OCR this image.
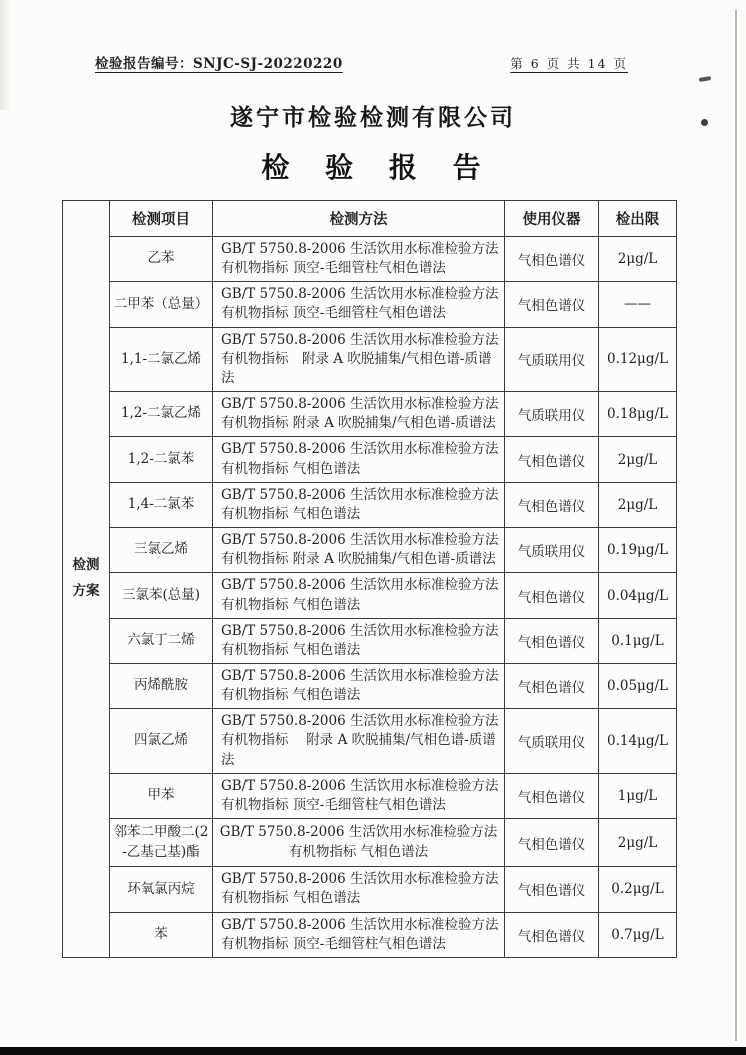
检验报告编号：SNJC-SJ-20220220	第 6 页 共 14 页
遂宁市检验检测有限公司
检 验 报 告
检测
方案	检测项目	检测方法	使用仪器	检出限
	乙苯	GB/T 5750.8-2006 生活饮用水标准检验方法 有机物指标 顶空-毛细管柱气相色谱法	气相色谱仪	2μg/L
	二甲苯（总量）	GB/T 5750.8-2006 生活饮用水标准检验方法 有机物指标 顶空-毛细管柱气相色谱法	气相色谱仪	——
	1,1-二氯乙烯	GB/T 5750.8-2006 生活饮用水标准检验方法 有机物指标　附录 A 吹脱捕集/气相色谱-质谱法	气质联用仪	0.12μg/L
	1,2-二氯乙烯	GB/T 5750.8-2006 生活饮用水标准检验方法 有机物指标 附录 A 吹脱捕集/气相色谱-质谱法	气质联用仪	0.18μg/L
	1,2-二氯苯	GB/T 5750.8-2006 生活饮用水标准检验方法 有机物指标 气相色谱法	气相色谱仪	2μg/L
	1,4-二氯苯	GB/T 5750.8-2006 生活饮用水标准检验方法 有机物指标 气相色谱法	气相色谱仪	2μg/L
	三氯乙烯	GB/T 5750.8-2006 生活饮用水标准检验方法 有机物指标 附录 A 吹脱捕集/气相色谱-质谱法	气质联用仪	0.19μg/L
	三氯苯(总量)	GB/T 5750.8-2006 生活饮用水标准检验方法 有机物指标 气相色谱法	气相色谱仪	0.04μg/L
	六氯丁二烯	GB/T 5750.8-2006 生活饮用水标准检验方法 有机物指标 气相色谱法	气相色谱仪	0.1μg/L
	丙烯酰胺	GB/T 5750.8-2006 生活饮用水标准检验方法 有机物指标 气相色谱法	气相色谱仪	0.05μg/L
	四氯乙烯	GB/T 5750.8-2006 生活饮用水标准检验方法 有机物指标　 附录 A 吹脱捕集/气相色谱-质谱法	气质联用仪	0.14μg/L
	甲苯	GB/T 5750.8-2006 生活饮用水标准检验方法 有机物指标 顶空-毛细管柱气相色谱法	气相色谱仪	1μg/L
	邻苯二甲酸二(2-乙基己基)酯	GB/T 5750.8-2006 生活饮用水标准检验方法 有机物指标 气相色谱法	气相色谱仪	2μg/L
	环氧氯丙烷	GB/T 5750.8-2006 生活饮用水标准检验方法 有机物指标 气相色谱法	气相色谱仪	0.2μg/L
	苯	GB/T 5750.8-2006 生活饮用水标准检验方法 有机物指标 顶空-毛细管柱气相色谱法	气相色谱仪	0.7μg/L
